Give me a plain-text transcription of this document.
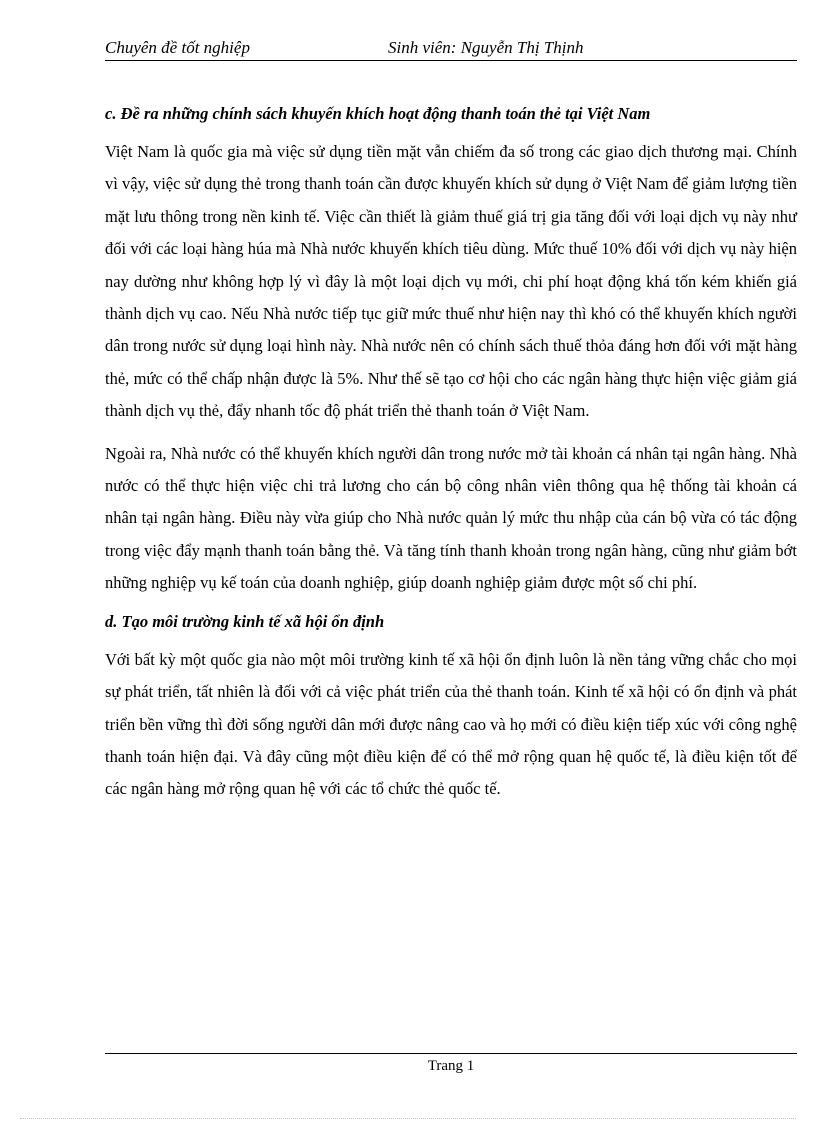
Chuyên đề tốt nghiệp	Sinh viên: Nguyễn Thị Thịnh
c. Đề ra những chính sách khuyến khích hoạt động thanh toán thẻ tại Việt Nam

Việt Nam là quốc gia mà việc sử dụng tiền mặt vẫn chiếm đa số trong các giao dịch thương mại. Chính vì vậy, việc sử dụng thẻ trong thanh toán cần được khuyến khích sử dụng ở Việt Nam để giảm lượng tiền mặt lưu thông trong nền kinh tế. Việc cần thiết là giảm thuế giá trị gia tăng đối với loại dịch vụ này như đối với các loại hàng húa mà Nhà nước khuyến khích tiêu dùng. Mức thuế 10% đối với dịch vụ này hiện nay dường như không hợp lý vì đây là một loại dịch vụ mới, chi phí hoạt động khá tốn kém khiến giá thành dịch vụ cao. Nếu Nhà nước tiếp tục giữ mức thuế như hiện nay thì khó có thể khuyến khích người dân trong nước sử dụng loại hình này. Nhà nước nên có chính sách thuế thỏa đáng hơn đối với mặt hàng thẻ, mức có thể chấp nhận được là 5%. Như thế sẽ tạo cơ hội cho các ngân hàng thực hiện việc giảm giá thành dịch vụ thẻ, đẩy nhanh tốc độ phát triển thẻ thanh toán ở Việt Nam.

Ngoài ra, Nhà nước có thể khuyến khích người dân trong nước mở tài khoản cá nhân tại ngân hàng. Nhà nước có thể thực hiện việc chi trả lương cho cán bộ công nhân viên thông qua hệ thống tài khoản cá nhân tại ngân hàng. Điều này vừa giúp cho Nhà nước quản lý mức thu nhập của cán bộ vừa có tác động trong việc đẩy mạnh thanh toán bằng thẻ. Và tăng tính thanh khoản trong ngân hàng, cũng như giảm bớt những nghiệp vụ kế toán của doanh nghiệp, giúp doanh nghiệp giảm được một số chi phí.

d. Tạo môi trường kinh tế xã hội ổn định

Với bất kỳ một quốc gia nào một môi trường kinh tế xã hội ổn định luôn là nền tảng vững chắc cho mọi sự phát triển, tất nhiên là đối với cả việc phát triển của thẻ thanh toán. Kinh tế xã hội có ổn định và phát triển bền vững thì đời sống người dân mới được nâng cao và họ mới có điều kiện tiếp xúc với công nghệ thanh toán hiện đại. Và đây cũng một điều kiện để có thể mở rộng quan hệ quốc tế, là điều kiện tốt để các ngân hàng mở rộng quan hệ với các tổ chức thẻ quốc tế.

Trang 1
